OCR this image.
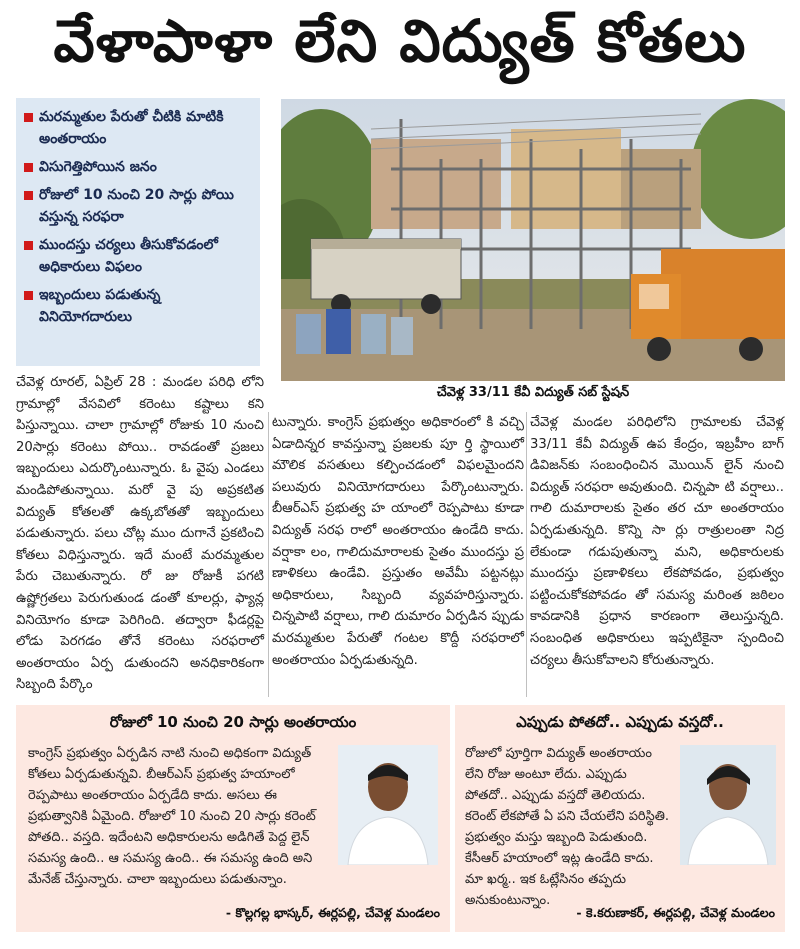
వేళాపాళా లేని విద్యుత్ కోతలు
మరమ్మతుల పేరుతో చీటికి మాటికి అంతరాయం
విసుగెత్తిపోయిన జనం
రోజులో 10 నుంచి 20 సార్లు పోయి వస్తున్న సరఫరా
ముందస్తు చర్యలు తీసుకోవడంలో అధికారులు విఫలం
ఇబ్బందులు పడుతున్న వినియోగదారులు
చేవెళ్ల 33/11 కేవీ విద్యుత్ సబ్ స్టేషన్

చేవెళ్ల రూరల్, ఏప్రిల్ 28 : మండల పరిధి లోని గ్రామాల్లో వేసవిలో కరెంటు కష్టాలు కని పిస్తున్నాయి. చాలా గ్రామాల్లో రోజుకు 10 నుంచి 20సార్లు కరెంటు పోయి.. రావడంతో ప్రజలు ఇబ్బందులు ఎదుర్కొంటున్నారు. ఓ వైపు ఎండలు మండిపోతున్నాయి. మరో వై పు అప్రకటిత విద్యుత్ కోతలతో ఉక్కబోతతో ఇబ్బందులు పడుతున్నారు. పలు చోట్ల ముం దుగానే ప్రకటించి కోతలు విధిస్తున్నారు. ఇదే మంటే మరమ్మతుల పేరు చెబుతున్నారు. రో జు రోజుకీ పగటి ఉష్ణోగ్రతలు పెరుగుతుండ డంతో కూలర్లు, ఫ్యాన్ల వినియోగం కూడా పెరిగింది. తద్వారా ఫీడర్లపై లోడు పెరగడం తోనే కరెంటు సరఫరాలో అంతరాయం ఏర్ప డుతుందని అనధికారికంగా సిబ్బంది పేర్కొం

టున్నారు. కాంగ్రెస్ ప్రభుత్వం అధికారంలో కి వచ్చి ఏడాదిన్నర కావస్తున్నా ప్రజలకు పూ ర్తి స్థాయిలో మౌలిక వసతులు కల్పించడంలో విఫలమైందని పలువురు వినియోగదారులు పేర్కొంటున్నారు. బీఆర్ఎస్ ప్రభుత్వ హ యాంలో రెప్పపాటు కూడా విద్యుత్ సరఫ రాలో అంతరాయం ఉండేది కాదు. వర్షాకా లం, గాలిదుమారాలకు సైతం ముందస్తు ప్ర ణాళికలు ఉండేవి. ప్రస్తుతం అవేమీ పట్టనట్లు అధికారులు, సిబ్బంది వ్యవహరిస్తున్నారు. చిన్నపాటి వర్షాలు, గాలి దుమారం ఏర్పడిన ప్పుడు మరమ్మతుల పేరుతో గంటల కొద్దీ సరఫరాలో అంతరాయం ఏర్పడుతున్నది.

చేవెళ్ల మండల పరిధిలోని గ్రామాలకు చేవెళ్ల 33/11 కేవీ విద్యుత్ ఉప కేంద్రం, ఇబ్రహీం బాగ్ డివిజన్‌కు సంబంధించిన మొయిన్ లైన్ నుంచి విద్యుత్ సరఫరా అవుతుంది. చిన్నపా టి వర్షాలు.. గాలి దుమారాలకు సైతం తర చూ అంతరాయం ఏర్పడుతున్నది. కొన్ని సా ర్లు రాత్రులంతా నిద్ర లేకుండా గడుపుతున్నా మని, అధికారులకు ముందస్తు ప్రణాళికలు లేకపోవడం, ప్రభుత్వం పట్టించుకోకపోవడం తో సమస్య మరింత జఠిలం కావడానికి ప్రధాన కారణంగా తెలుస్తున్నది. సంబంధిత అధికారులు ఇప్పటికైనా స్పందించి చర్యలు తీసుకోవాలని కోరుతున్నారు.

రోజులో 10 నుంచి 20 సార్లు అంతరాయం
కాంగ్రెస్ ప్రభుత్వం ఏర్పడిన నాటి నుంచి అధికంగా విద్యుత్ కోతలు ఏర్పడుతున్నవి. బీఆర్ఎస్ ప్రభుత్వ హయాంలో రెప్పపాటు అంతరాయం ఏర్పడేది కాదు. అసలు ఈ ప్రభుత్వానికి ఏమైంది. రోజులో 10 నుంచి 20 సార్లు కరెంట్ పోతది.. వస్తది. ఇదేంటని అధికారులను అడిగితే పెద్ద లైన్ సమస్య ఉంది.. ఆ సమస్య ఉంది.. ఈ సమస్య ఉంది అని మేనేజ్ చేస్తున్నారు. చాలా ఇబ్బందులు పడుతున్నాం.
- కొల్లగల్ల భాస్కర్, ఈర్లపల్లి, చేవెళ్ల మండలం
ఎప్పుడు పోతదో.. ఎప్పుడు వస్తదో..
రోజులో పూర్తిగా విద్యుత్ అంతరాయం లేని రోజు అంటూ లేదు. ఎప్పుడు పోతదో.. ఎప్పుడు వస్తదో తెలియదు. కరెంట్ లేకపోతే ఏ పని చేయలేని పరిస్థితి. ప్రభుత్వం మస్తు ఇబ్బంది పెడుతుంది. కేసీఆర్ హయాంలో ఇట్ల ఉండేది కాదు. మా ఖర్మ.. ఇక ఓట్లేసినం తప్పదు అనుకుంటున్నాం.
- కె.కరుణాకర్, ఈర్లపల్లి, చేవెళ్ల మండలం
